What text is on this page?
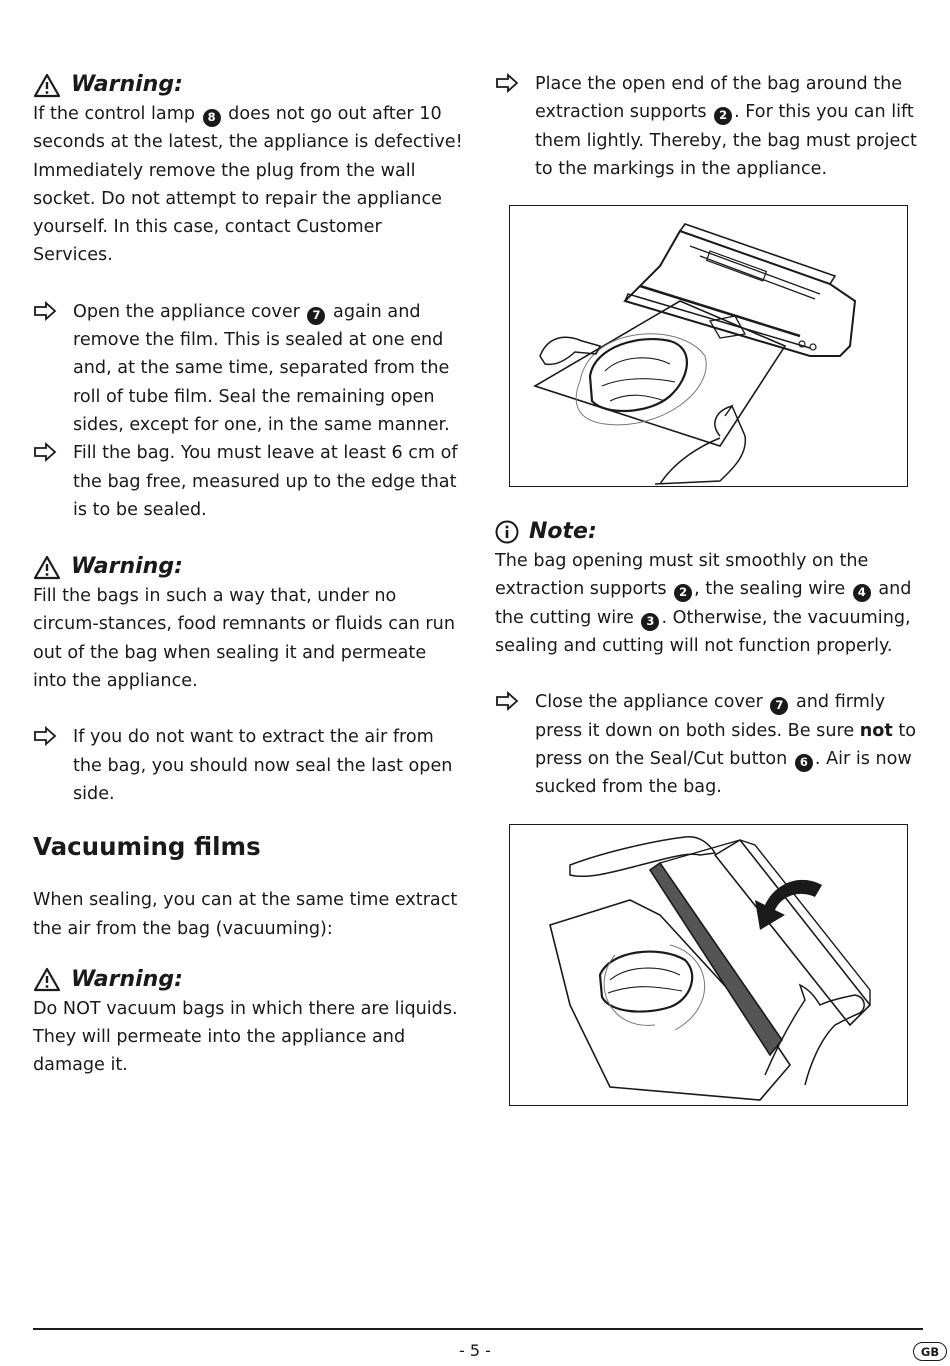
Warning:

If the control lamp 8 does not go out after 10 seconds at the latest, the appliance is defective! Immediately remove the plug from the wall socket. Do not attempt to repair the appliance yourself. In this case, contact Customer Services.

Open the appliance cover 7 again and remove the film. This is sealed at one end and, at the same time, separated from the roll of tube film. Seal the remaining open sides, except for one, in the same manner.

Fill the bag. You must leave at least 6 cm of the bag free, measured up to the edge that is to be sealed.

Warning:

Fill the bags in such a way that, under no circum-stances, food remnants or fluids can run out of the bag when sealing it and permeate into the appliance.

If you do not want to extract the air from the bag, you should now seal the last open side.

Vacuuming films

When sealing, you can at the same time extract the air from the bag (vacuuming):

Warning:

Do NOT vacuum bags in which there are liquids. They will permeate into the appliance and damage it.

Place the open end of the bag around the extraction supports 2 . For this you can lift them lightly. Thereby, the bag must project to the markings in the appliance.

Note:

The bag opening must sit smoothly on the extraction supports 2 , the sealing wire 4 and the cutting wire 3 . Otherwise, the vacuuming, sealing and cutting will not function properly.

Close the appliance cover 7 and firmly press it down on both sides. Be sure not to press on the Seal/Cut button 6 . Air is now sucked from the bag.

- 5 -	GB
